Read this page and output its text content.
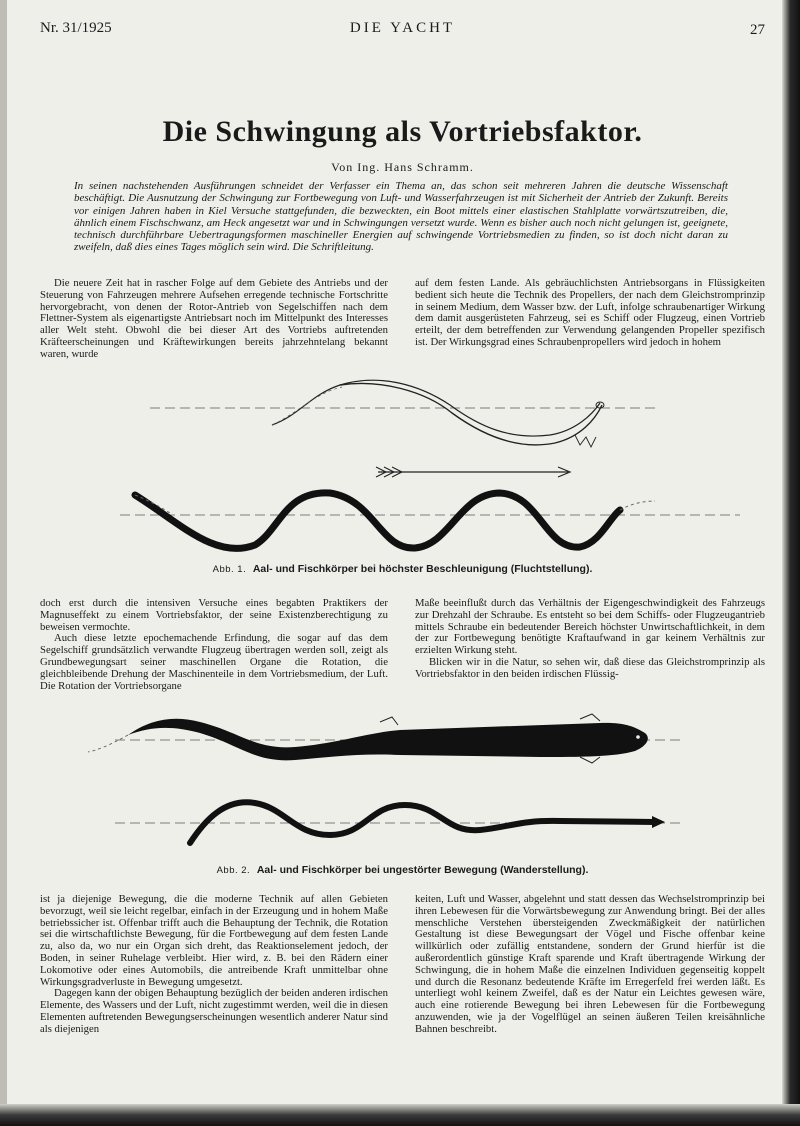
Nr. 31/1925	DIE YACHT	27
Die Schwingung als Vortriebsfaktor.
Von Ing. Hans Schramm.
In seinen nachstehenden Ausführungen schneidet der Verfasser ein Thema an, das schon seit mehreren Jahren die deutsche Wissenschaft beschäftigt. Die Ausnutzung der Schwingung zur Fortbewegung von Luft- und Wasserfahrzeugen ist mit Sicherheit der Antrieb der Zukunft. Bereits vor einigen Jahren haben in Kiel Versuche stattgefunden, die bezweckten, ein Boot mittels einer elastischen Stahlplatte vorwärtszutreiben, die, ähnlich einem Fischschwanz, am Heck angesetzt war und in Schwingungen versetzt wurde. Wenn es bisher auch noch nicht gelungen ist, geeignete, technisch durchführbare Uebertragungsformen maschineller Energien auf schwingende Vortriebsmedien zu finden, so ist doch nicht daran zu zweifeln, daß dies eines Tages möglich sein wird. Die Schriftleitung.

Die neuere Zeit hat in rascher Folge auf dem Gebiete des Antriebs und der Steuerung von Fahrzeugen mehrere Aufsehen erregende technische Fortschritte hervorgebracht, von denen der Rotor-Antrieb von Segelschiffen nach dem Flettner-System als eigenartigste Antriebsart noch im Mittelpunkt des Interesses aller Welt steht. Obwohl die bei dieser Art des Vortriebs auftretenden Kräfteerscheinungen und Kräftewirkungen bereits jahrzehntelang bekannt waren, wurde

auf dem festen Lande. Als gebräuchlichsten Antriebsorgans in Flüssigkeiten bedient sich heute die Technik des Propellers, der nach dem Gleichstromprinzip in seinem Medium, dem Wasser bzw. der Luft, infolge schraubenartiger Wirkung dem damit ausgerüsteten Fahrzeug, sei es Schiff oder Flugzeug, einen Vortrieb erteilt, der dem betreffenden zur Verwendung gelangenden Propeller spezifisch ist. Der Wirkungsgrad eines Schraubenpropellers wird jedoch in hohem

Abb. 1. Aal- und Fischkörper bei höchster Beschleunigung (Fluchtstellung).

doch erst durch die intensiven Versuche eines begabten Praktikers der Magnuseffekt zu einem Vortriebsfaktor, der seine Existenzberechtigung zu beweisen vermochte.

Auch diese letzte epochemachende Erfindung, die sogar auf das dem Segelschiff grundsätzlich verwandte Flugzeug übertragen werden soll, zeigt als Grundbewegungsart seiner maschinellen Organe die Rotation, die gleichbleibende Drehung der Maschinenteile in dem Vortriebsmedium, der Luft. Die Rotation der Vortriebsorgane

Maße beeinflußt durch das Verhältnis der Eigengeschwindigkeit des Fahrzeugs zur Drehzahl der Schraube. Es entsteht so bei dem Schiffs- oder Flugzeugantrieb mittels Schraube ein bedeutender Bereich höchster Unwirtschaftlichkeit, in dem der zur Fortbewegung benötigte Kraftaufwand in gar keinem Verhältnis zur erzielten Wirkung steht.

Blicken wir in die Natur, so sehen wir, daß diese das Gleichstromprinzip als Vortriebsfaktor in den beiden irdischen Flüssig-

Abb. 2. Aal- und Fischkörper bei ungestörter Bewegung (Wanderstellung).

ist ja diejenige Bewegung, die die moderne Technik auf allen Gebieten bevorzugt, weil sie leicht regelbar, einfach in der Erzeugung und in hohem Maße betriebssicher ist. Offenbar trifft auch die Behauptung der Technik, die Rotation sei die wirtschaftlichste Bewegung, für die Fortbewegung auf dem festen Lande zu, also da, wo nur ein Organ sich dreht, das Reaktionselement jedoch, der Boden, in seiner Ruhelage verbleibt. Hier wird, z. B. bei den Rädern einer Lokomotive oder eines Automobils, die antreibende Kraft unmittelbar ohne Wirkungsgradverluste in Bewegung umgesetzt.

Dagegen kann der obigen Behauptung bezüglich der beiden anderen irdischen Elemente, des Wassers und der Luft, nicht zugestimmt werden, weil die in diesen Elementen auftretenden Bewegungserscheinungen wesentlich anderer Natur sind als diejenigen

keiten, Luft und Wasser, abgelehnt und statt dessen das Wechselstromprinzip bei ihren Lebewesen für die Vorwärtsbewegung zur Anwendung bringt. Bei der alles menschliche Verstehen übersteigenden Zweckmäßigkeit der natürlichen Gestaltung ist diese Bewegungsart der Vögel und Fische offenbar keine willkürlich oder zufällig entstandene, sondern der Grund hierfür ist die außerordentlich günstige Kraft sparende und Kraft übertragende Wirkung der Schwingung, die in hohem Maße die einzelnen Individuen gegenseitig koppelt und durch die Resonanz bedeutende Kräfte im Erregerfeld frei werden läßt. Es unterliegt wohl keinem Zweifel, daß es der Natur ein Leichtes gewesen wäre, auch eine rotierende Bewegung bei ihren Lebewesen für die Fortbewegung anzuwenden, wie ja der Vogelflügel an seinen äußeren Teilen kreisähnliche Bahnen beschreibt.
